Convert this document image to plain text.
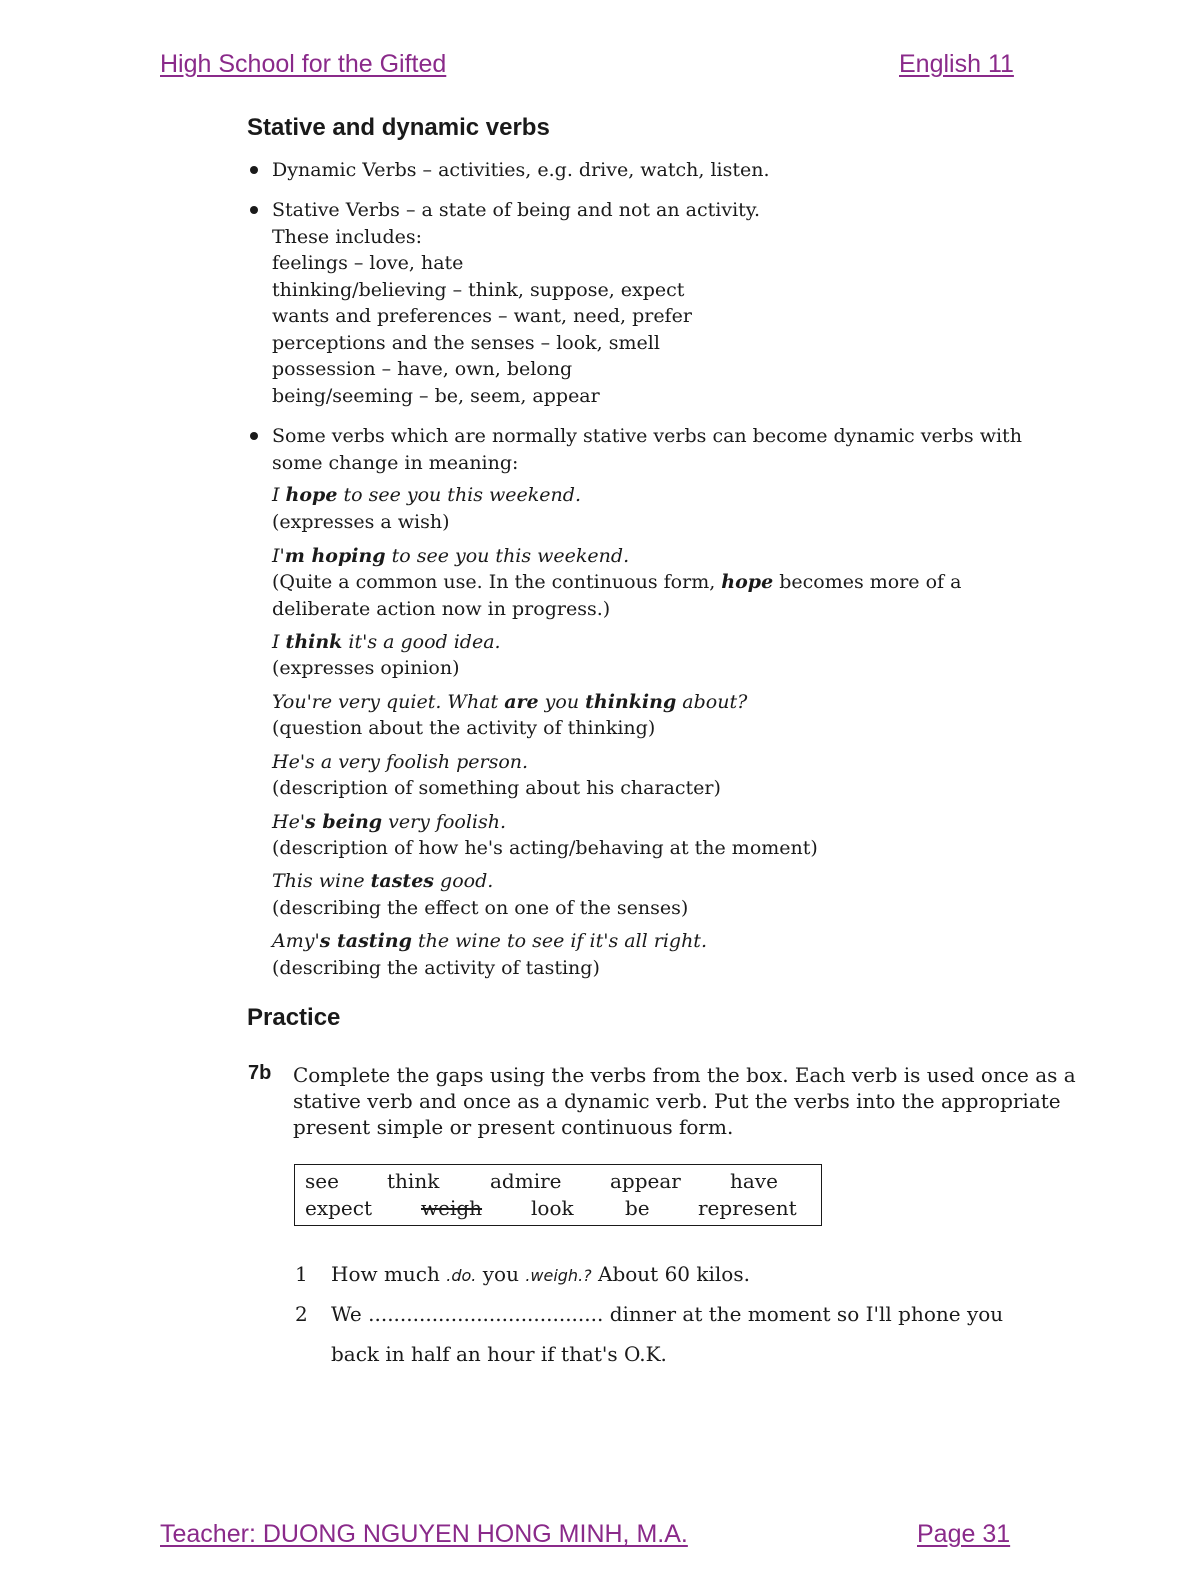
High School for the Gifted	English 11
Stative and dynamic verbs
Dynamic Verbs – activities, e.g. drive, watch, listen.
Stative Verbs – a state of being and not an activity.
These includes:
feelings – love, hate
thinking/believing – think, suppose, expect
wants and preferences – want, need, prefer
perceptions and the senses – look, smell
possession – have, own, belong
being/seeming – be, seem, appear
Some verbs which are normally stative verbs can become dynamic verbs with
some change in meaning:
I hope to see you this weekend.
(expresses a wish)
I'm hoping to see you this weekend.
(Quite a common use. In the continuous form, hope becomes more of a
deliberate action now in progress.)
I think it's a good idea.
(expresses opinion)
You're very quiet. What are you thinking about?
(question about the activity of thinking)
He's a very foolish person.
(description of something about his character)
He's being very foolish.
(description of how he's acting/behaving at the moment)
This wine tastes good.
(describing the effect on one of the senses)
Amy's tasting the wine to see if it's all right.
(describing the activity of tasting)
Practice
7b Complete the gaps using the verbs from the box. Each verb is used once as a
stative verb and once as a dynamic verb. Put the verbs into the appropriate
present simple or present continuous form.
see think	admire appear have
expect weigh look	be represent
1 How much .do. you .weigh.? About 60 kilos.
2 We ..................................... dinner at the moment so I'll phone you
back in half an hour if that's O.K.
Teacher: DUONG NGUYEN HONG MINH, M.A.	Page 31
